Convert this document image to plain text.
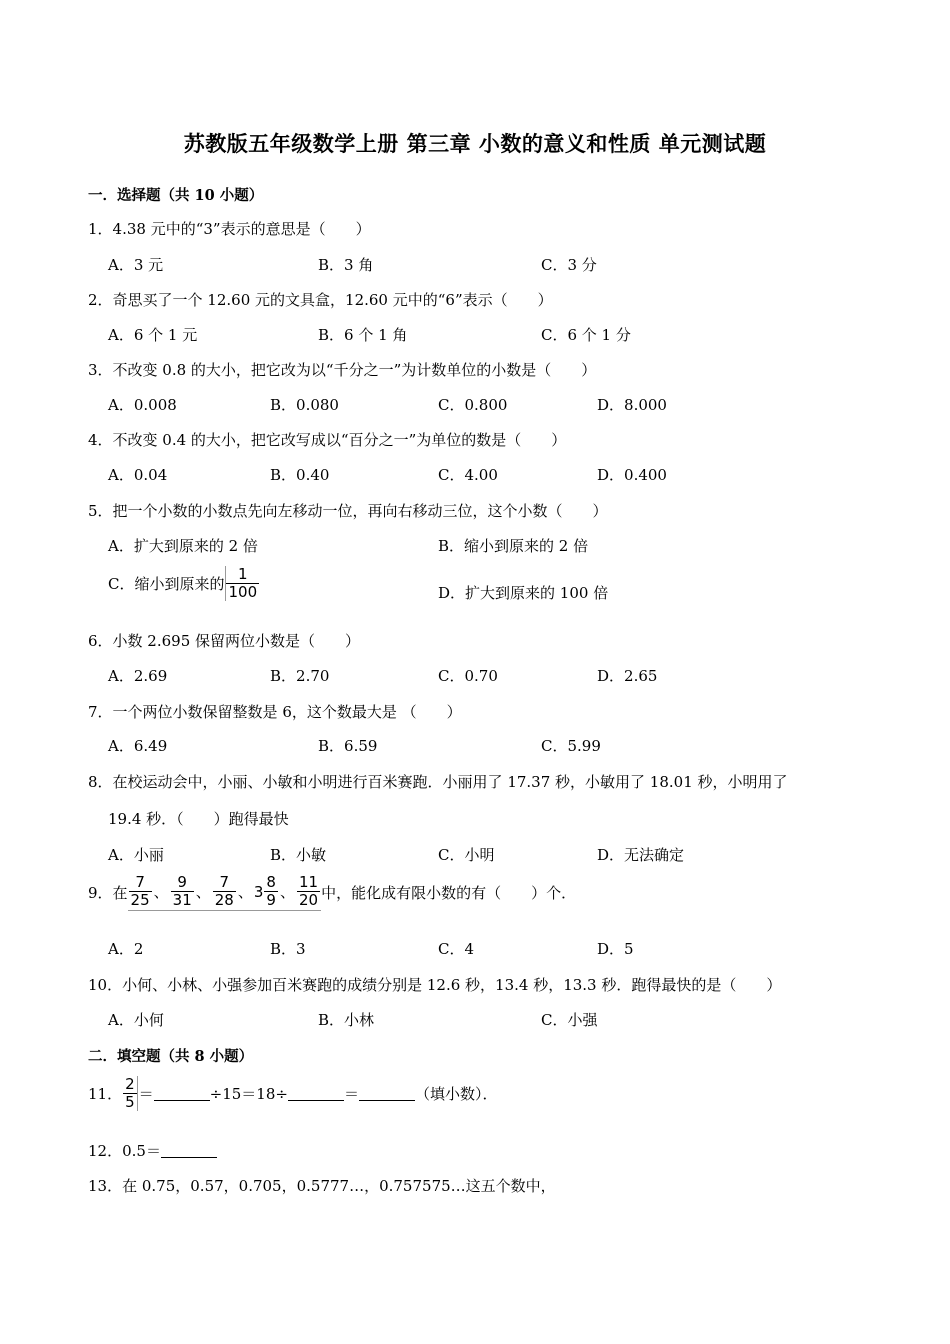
苏教版五年级数学上册 第三章 小数的意义和性质 单元测试题
一．选择题（共 10 小题）
1．4.38 元中的“3”表示的意思是（　　）
A．3 元	B．3 角	C．3 分
2．奇思买了一个 12.60 元的文具盒，12.60 元中的“6”表示（　　）
A．6 个 1 元	B．6 个 1 角	C．6 个 1 分
3．不改变 0.8 的大小，把它改为以“千分之一”为计数单位的小数是（　　）
A．0.008	B．0.080	C．0.800	D．8.000
4．不改变 0.4 的大小，把它改写成以“百分之一”为单位的数是（　　）
A．0.04	B．0.40	C．4.00	D．0.400
5．把一个小数的小数点先向左移动一位，再向右移动三位，这个小数（　　）
A．扩大到原来的 2 倍	B．缩小到原来的 2 倍
C．缩小到原来的 $\frac{1}{100}$	D．扩大到原来的 100 倍
6．小数 2.695 保留两位小数是（　　）
A．2.69	B．2.70	C．0.70	D．2.65
7．一个两位小数保留整数是 6，这个数最大是 （　　）
A．6.49	B．6.59	C．5.99
8．在校运动会中，小丽、小敏和小明进行百米赛跑．小丽用了 17.37 秒，小敏用了 18.01 秒，小明用了
19.4 秒．（　　）跑得最快
A．小丽	B．小敏	C．小明	D．无法确定
9．在 $\frac{7}{25}$ 、 $\frac{9}{31}$ 、 $\frac{7}{28}$ 、 $3 \frac{8}{9}$ 、 $\frac{11}{20}$ 中，能化成有限小数的有（　　）个．
A．2	B．3	C．4	D．5
10．小何、小林、小强参加百米赛跑的成绩分别是 12.6 秒，13.4 秒，13.3 秒．跑得最快的是（　　）
A．小何	B．小林	C．小强
二．填空题（共 8 小题）
11． $\frac{2}{5}$ ＝	÷15＝18÷	＝	（填小数）．
12．0.5＝
13．在 0.75，0.57，0.705，0.5777…，0.757575…这五个数中，
